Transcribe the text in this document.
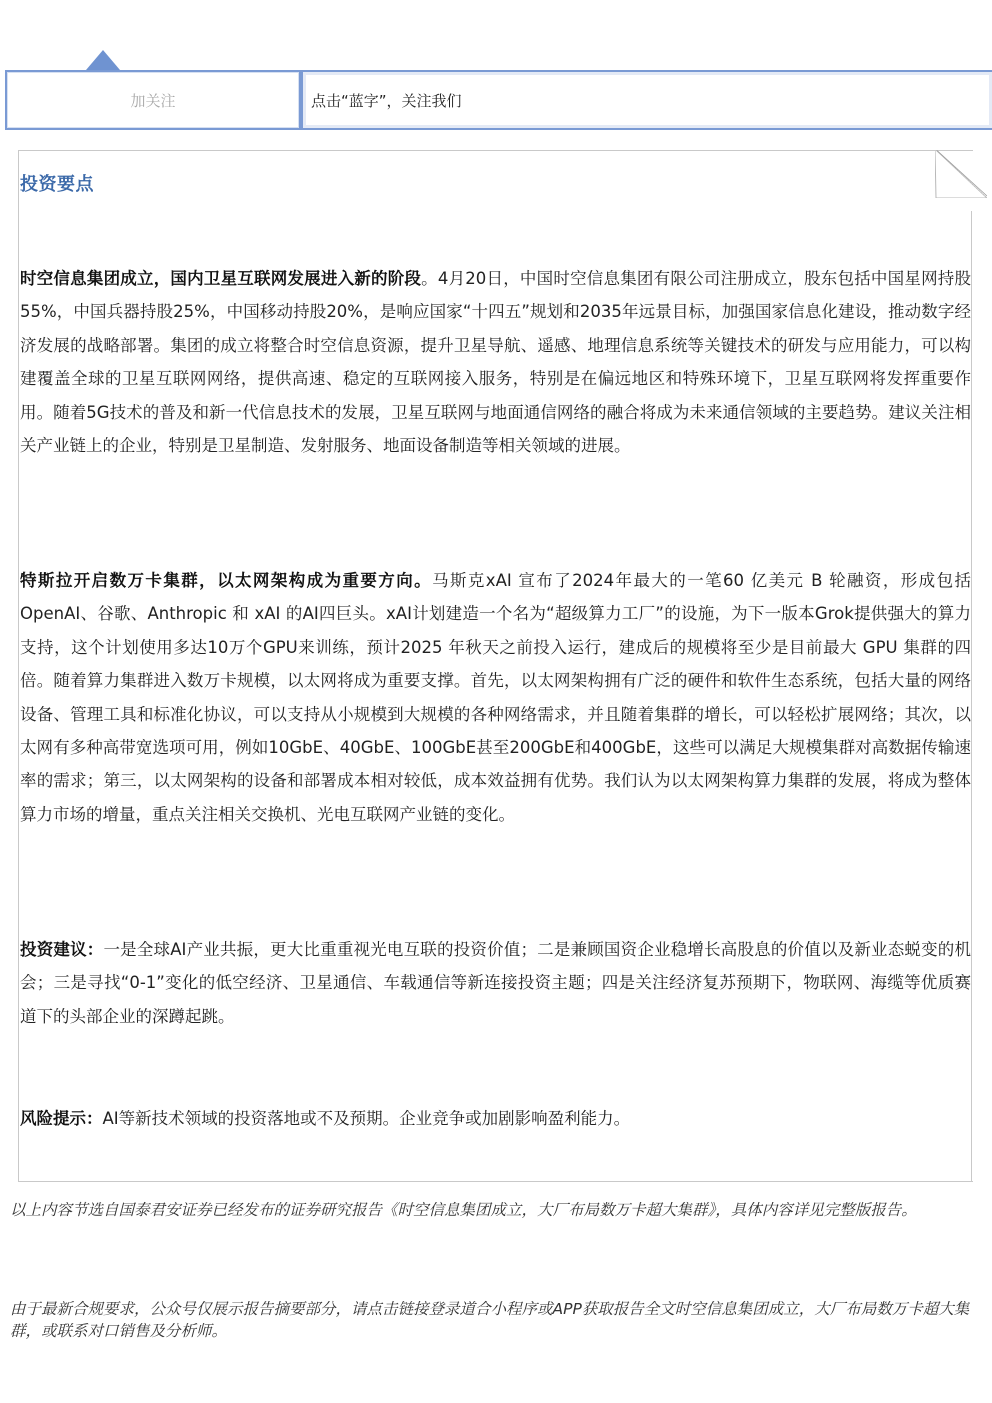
加关注	点击“蓝字”，关注我们
投资要点
时空信息集团成立，国内卫星互联网发展进入新的阶段。4月20日，中国时空信息集团有限公司注册成立，股东包括中国星网持股55%，中国兵器持股25%，中国移动持股20%，是响应国家“十四五”规划和2035年远景目标，加强国家信息化建设，推动数字经济发展的战略部署。集团的成立将整合时空信息资源，提升卫星导航、遥感、地理信息系统等关键技术的研发与应用能力，可以构建覆盖全球的卫星互联网网络，提供高速、稳定的互联网接入服务，特别是在偏远地区和特殊环境下，卫星互联网将发挥重要作用。随着5G技术的普及和新一代信息技术的发展，卫星互联网与地面通信网络的融合将成为未来通信领域的主要趋势。建议关注相关产业链上的企业，特别是卫星制造、发射服务、地面设备制造等相关领域的进展。
特斯拉开启数万卡集群，以太网架构成为重要方向。马斯克xAI 宣布了2024年最大的一笔60 亿美元 B 轮融资，形成包括 OpenAI、谷歌、Anthropic 和 xAI 的AI四巨头。xAI计划建造一个名为“超级算力工厂”的设施，为下一版本Grok提供强大的算力支持，这个计划使用多达10万个GPU来训练，预计2025 年秋天之前投入运行，建成后的规模将至少是目前最大 GPU 集群的四倍。随着算力集群进入数万卡规模，以太网将成为重要支撑。首先，以太网架构拥有广泛的硬件和软件生态系统，包括大量的网络设备、管理工具和标准化协议，可以支持从小规模到大规模的各种网络需求，并且随着集群的增长，可以轻松扩展网络；其次，以太网有多种高带宽选项可用，例如10GbE、40GbE、100GbE甚至200GbE和400GbE，这些可以满足大规模集群对高数据传输速率的需求；第三，以太网架构的设备和部署成本相对较低，成本效益拥有优势。我们认为以太网架构算力集群的发展，将成为整体算力市场的增量，重点关注相关交换机、光电互联网产业链的变化。
投资建议：一是全球AI产业共振，更大比重重视光电互联的投资价值；二是兼顾国资企业稳增长高股息的价值以及新业态蜕变的机会；三是寻找“0-1”变化的低空经济、卫星通信、车载通信等新连接投资主题；四是关注经济复苏预期下，物联网、海缆等优质赛道下的头部企业的深蹲起跳。
风险提示：AI等新技术领域的投资落地或不及预期。企业竞争或加剧影响盈利能力。
以上内容节选自国泰君安证券已经发布的证券研究报告《时空信息集团成立，大厂布局数万卡超大集群》，具体内容详见完整版报告。
由于最新合规要求，公众号仅展示报告摘要部分，请点击链接登录道合小程序或APP获取报告全文时空信息集团成立，大厂布局数万卡超大集群，或联系对口销售及分析师。
